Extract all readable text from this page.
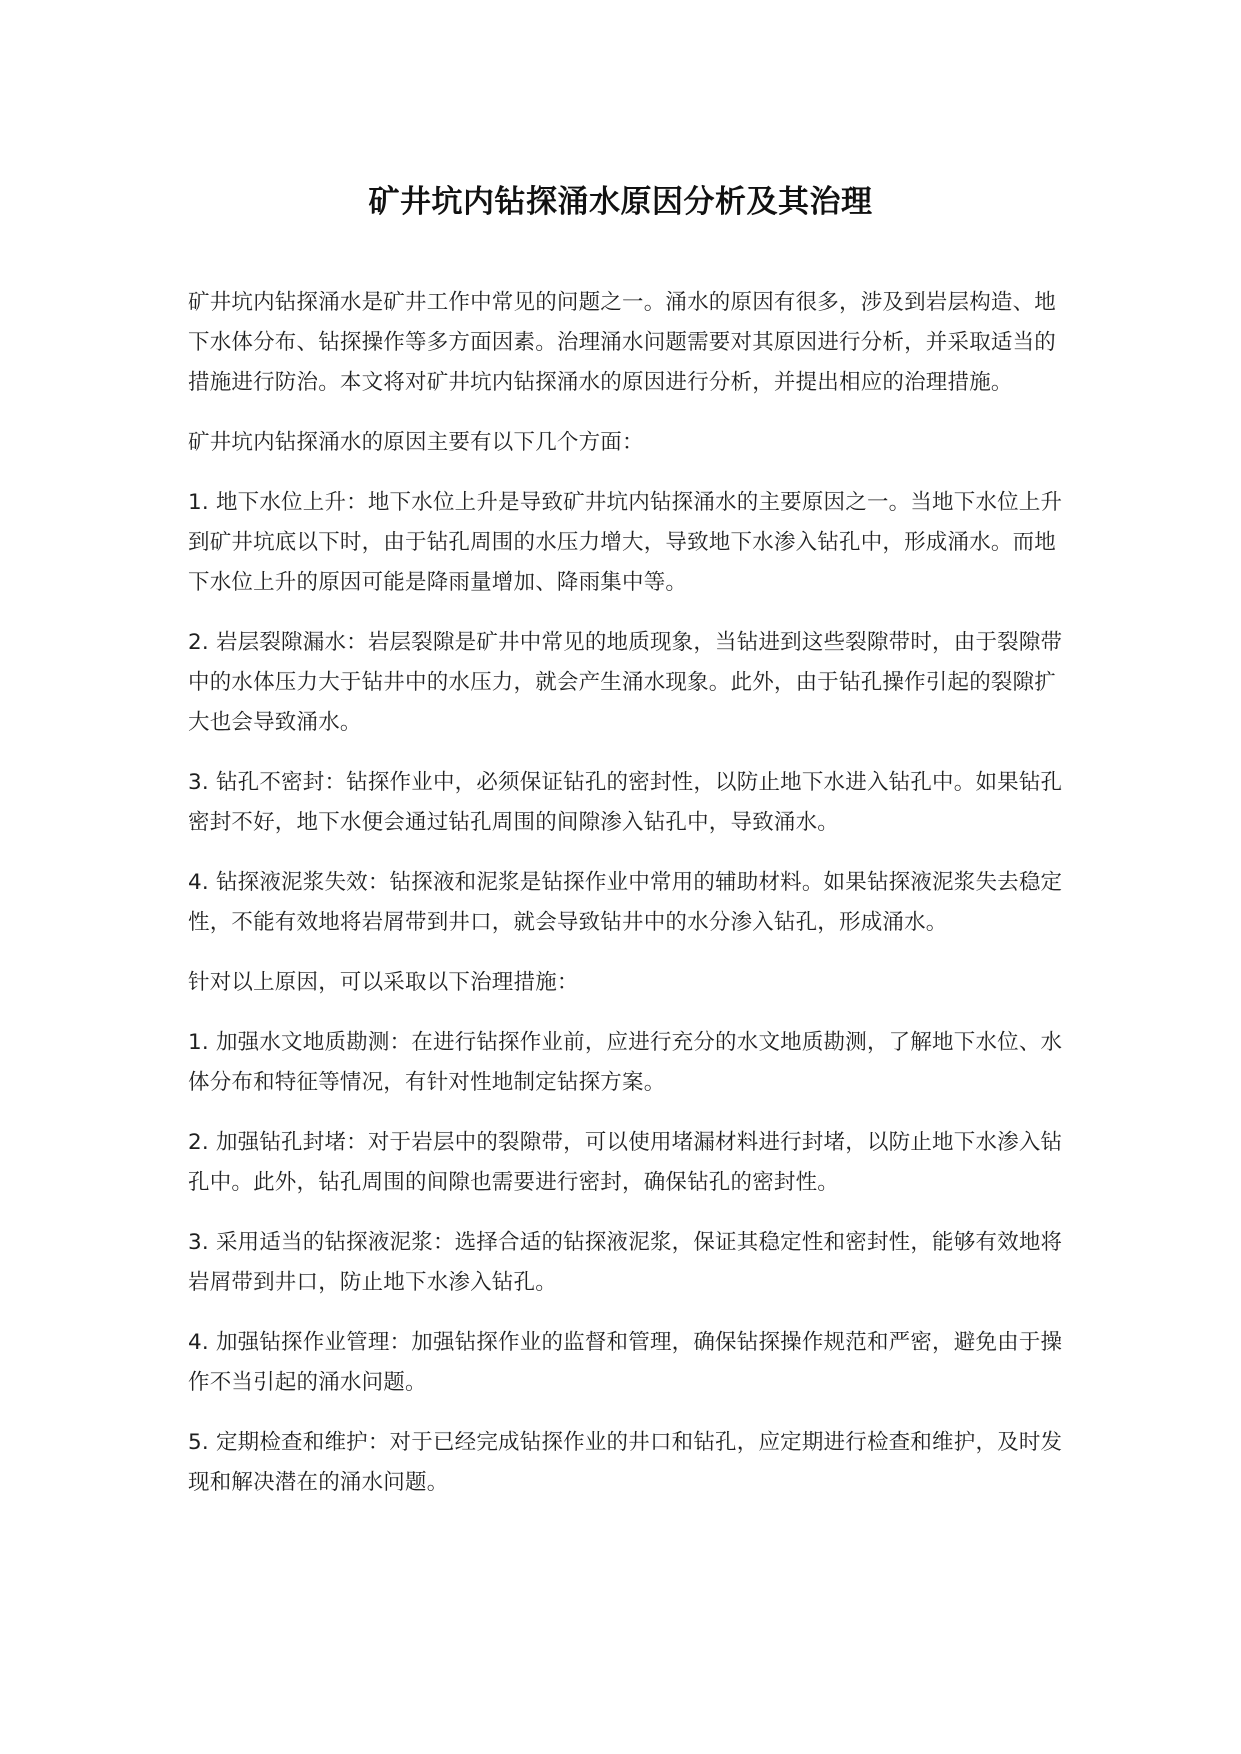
矿井坑内钻探涌水原因分析及其治理

矿井坑内钻探涌水是矿井工作中常见的问题之一。涌水的原因有很多，涉及到岩层构造、地下水体分布、钻探操作等多方面因素。治理涌水问题需要对其原因进行分析，并采取适当的措施进行防治。本文将对矿井坑内钻探涌水的原因进行分析，并提出相应的治理措施。

矿井坑内钻探涌水的原因主要有以下几个方面：

1. 地下水位上升：地下水位上升是导致矿井坑内钻探涌水的主要原因之一。当地下水位上升到矿井坑底以下时，由于钻孔周围的水压力增大，导致地下水渗入钻孔中，形成涌水。而地下水位上升的原因可能是降雨量增加、降雨集中等。

2. 岩层裂隙漏水：岩层裂隙是矿井中常见的地质现象，当钻进到这些裂隙带时，由于裂隙带中的水体压力大于钻井中的水压力，就会产生涌水现象。此外，由于钻孔操作引起的裂隙扩大也会导致涌水。

3. 钻孔不密封：钻探作业中，必须保证钻孔的密封性，以防止地下水进入钻孔中。如果钻孔密封不好，地下水便会通过钻孔周围的间隙渗入钻孔中，导致涌水。

4. 钻探液泥浆失效：钻探液和泥浆是钻探作业中常用的辅助材料。如果钻探液泥浆失去稳定性，不能有效地将岩屑带到井口，就会导致钻井中的水分渗入钻孔，形成涌水。

针对以上原因，可以采取以下治理措施：

1. 加强水文地质勘测：在进行钻探作业前，应进行充分的水文地质勘测，了解地下水位、水体分布和特征等情况，有针对性地制定钻探方案。

2. 加强钻孔封堵：对于岩层中的裂隙带，可以使用堵漏材料进行封堵，以防止地下水渗入钻孔中。此外，钻孔周围的间隙也需要进行密封，确保钻孔的密封性。

3. 采用适当的钻探液泥浆：选择合适的钻探液泥浆，保证其稳定性和密封性，能够有效地将岩屑带到井口，防止地下水渗入钻孔。

4. 加强钻探作业管理：加强钻探作业的监督和管理，确保钻探操作规范和严密，避免由于操作不当引起的涌水问题。

5. 定期检查和维护：对于已经完成钻探作业的井口和钻孔，应定期进行检查和维护，及时发现和解决潜在的涌水问题。
